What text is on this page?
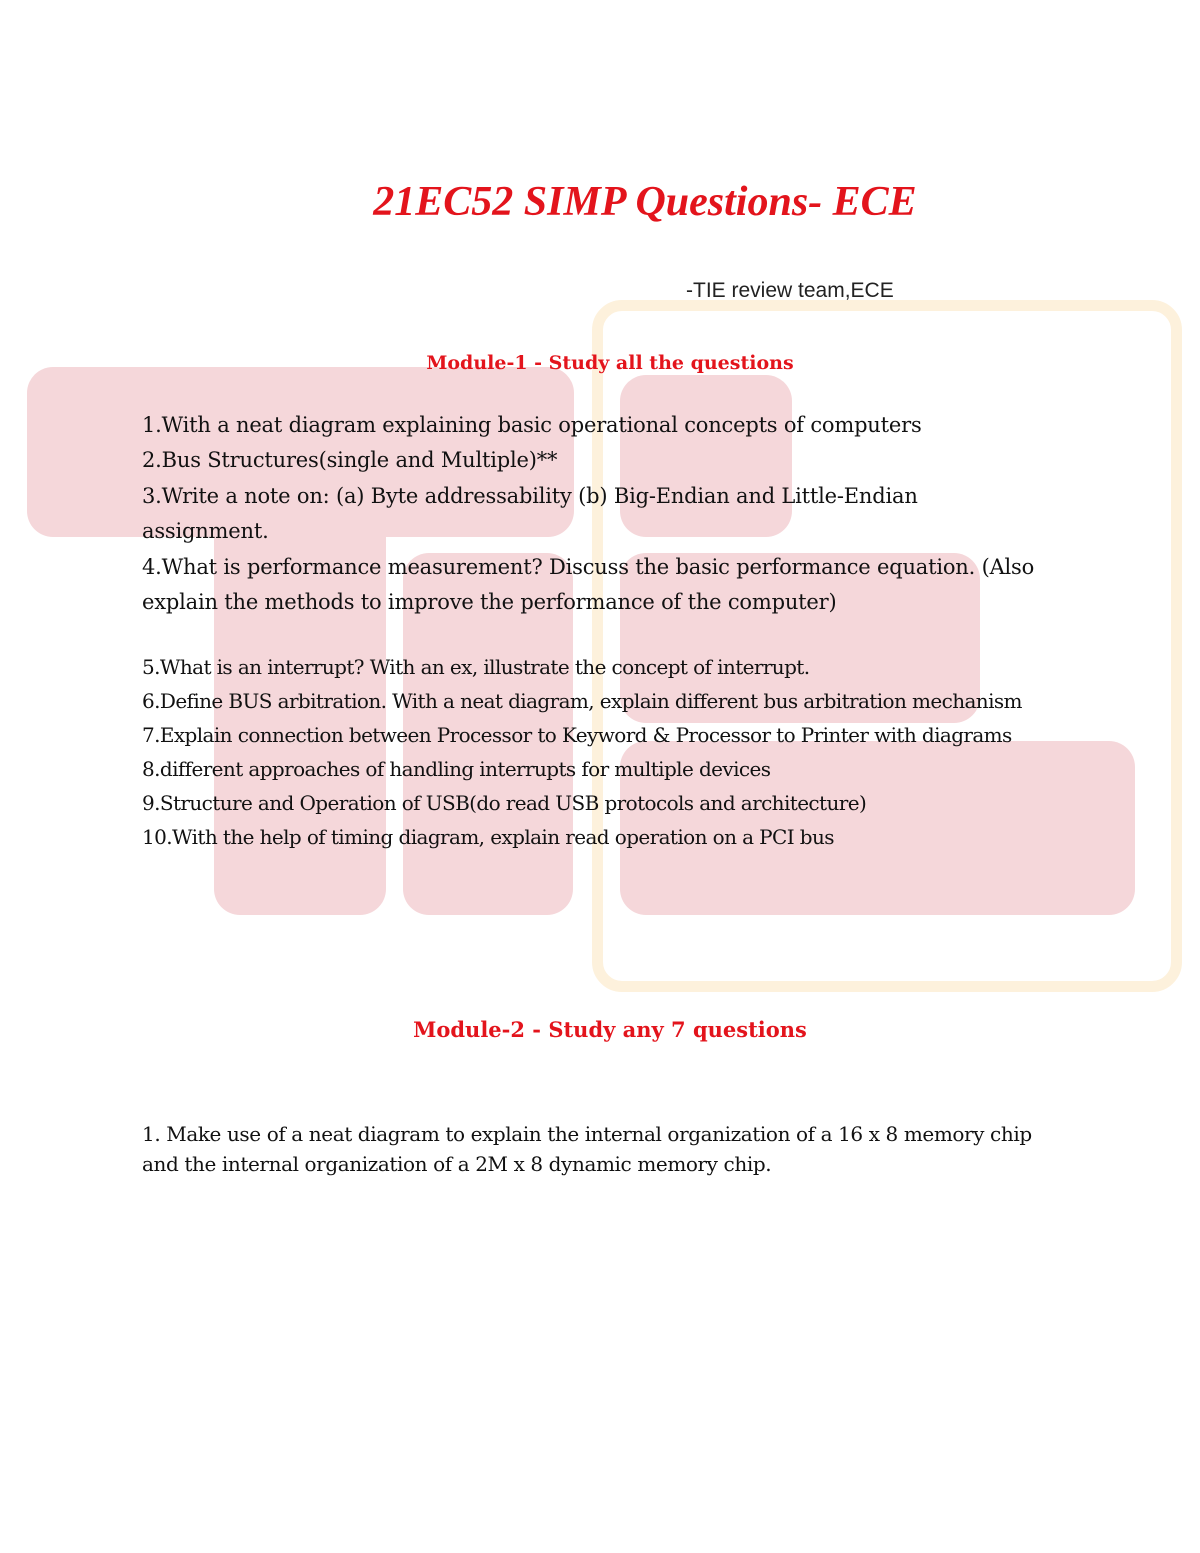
21EC52 SIMP Questions- ECE
-TIE review team,ECE
Module-1 - Study all the questions
1.With a neat diagram explaining basic operational concepts of computers
2.Bus Structures(single and Multiple)**
3.Write a note on: (a) Byte addressability (b) Big-Endian and Little-Endian assignment.
4.What is performance measurement? Discuss the basic performance equation. (Also explain the methods to improve the performance of the computer)
5.What is an interrupt? With an ex, illustrate the concept of interrupt.
6.Define BUS arbitration. With a neat diagram, explain different bus arbitration mechanism
7.Explain connection between Processor to Keyword & Processor to Printer with diagrams
8.different approaches of handling interrupts for multiple devices
9.Structure and Operation of USB(do read USB protocols and architecture)
10.With the help of timing diagram, explain read operation on a PCI bus
Module-2 - Study any 7 questions
1. Make use of a neat diagram to explain the internal organization of a 16 x 8 memory chip and the internal organization of a 2M x 8 dynamic memory chip.
